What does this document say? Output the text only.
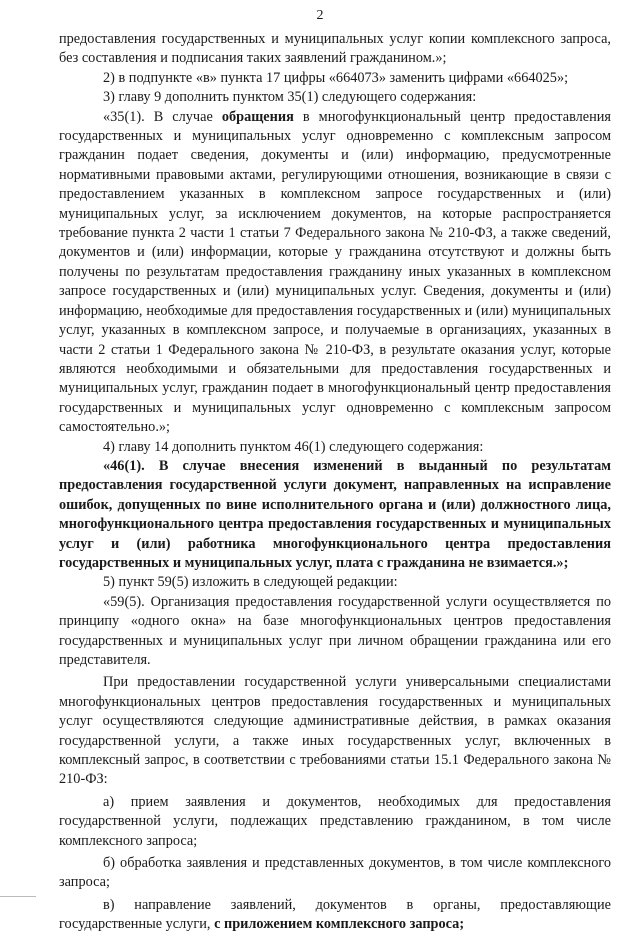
2

предоставления государственных и муниципальных услуг копии комплексного запроса, без составления и подписания таких заявлений гражданином.»;

2) в подпункте «в» пункта 17 цифры «664073» заменить цифрами «664025»;

3) главу 9 дополнить пунктом 35(1) следующего содержания:

«35(1). В случае обращения в многофункциональный центр предоставления государственных и муниципальных услуг одновременно с комплексным запросом гражданин подает сведения, документы и (или) информацию, предусмотренные нормативными правовыми актами, регулирующими отношения, возникающие в связи с предоставлением указанных в комплексном запросе государственных и (или) муниципальных услуг, за исключением документов, на которые распространяется требование пункта 2 части 1 статьи 7 Федерального закона № 210-ФЗ, а также сведений, документов и (или) информации, которые у гражданина отсутствуют и должны быть получены по результатам предоставления гражданину иных указанных в комплексном запросе государственных и (или) муниципальных услуг. Сведения, документы и (или) информацию, необходимые для предоставления государственных и (или) муниципальных услуг, указанных в комплексном запросе, и получаемые в организациях, указанных в части 2 статьи 1 Федерального закона № 210-ФЗ, в результате оказания услуг, которые являются необходимыми и обязательными для предоставления государственных и муниципальных услуг, гражданин подает в многофункциональный центр предоставления государственных и муниципальных услуг одновременно с комплексным запросом самостоятельно.»;

4) главу 14 дополнить пунктом 46(1) следующего содержания:

«46(1). В случае внесения изменений в выданный по результатам предоставления государственной услуги документ, направленных на исправление ошибок, допущенных по вине исполнительного органа и (или) должностного лица, многофункционального центра предоставления государственных и муниципальных услуг и (или) работника многофункционального центра предоставления государственных и муниципальных услуг, плата с гражданина не взимается.»;

5) пункт 59(5) изложить в следующей редакции:

«59(5). Организация предоставления государственной услуги осуществляется по принципу «одного окна» на базе многофункциональных центров предоставления государственных и муниципальных услуг при личном обращении гражданина или его представителя.

При предоставлении государственной услуги универсальными специалистами многофункциональных центров предоставления государственных и муниципальных услуг осуществляются следующие административные действия, в рамках оказания государственной услуги, а также иных государственных услуг, включенных в комплексный запрос, в соответствии с требованиями статьи 15.1 Федерального закона № 210-ФЗ:

а) прием заявления и документов, необходимых для предоставления государственной услуги, подлежащих представлению гражданином, в том числе комплексного запроса;

б) обработка заявления и представленных документов, в том числе комплексного запроса;

в) направление заявлений, документов в органы, предоставляющие государственные услуги, с приложением комплексного запроса;
